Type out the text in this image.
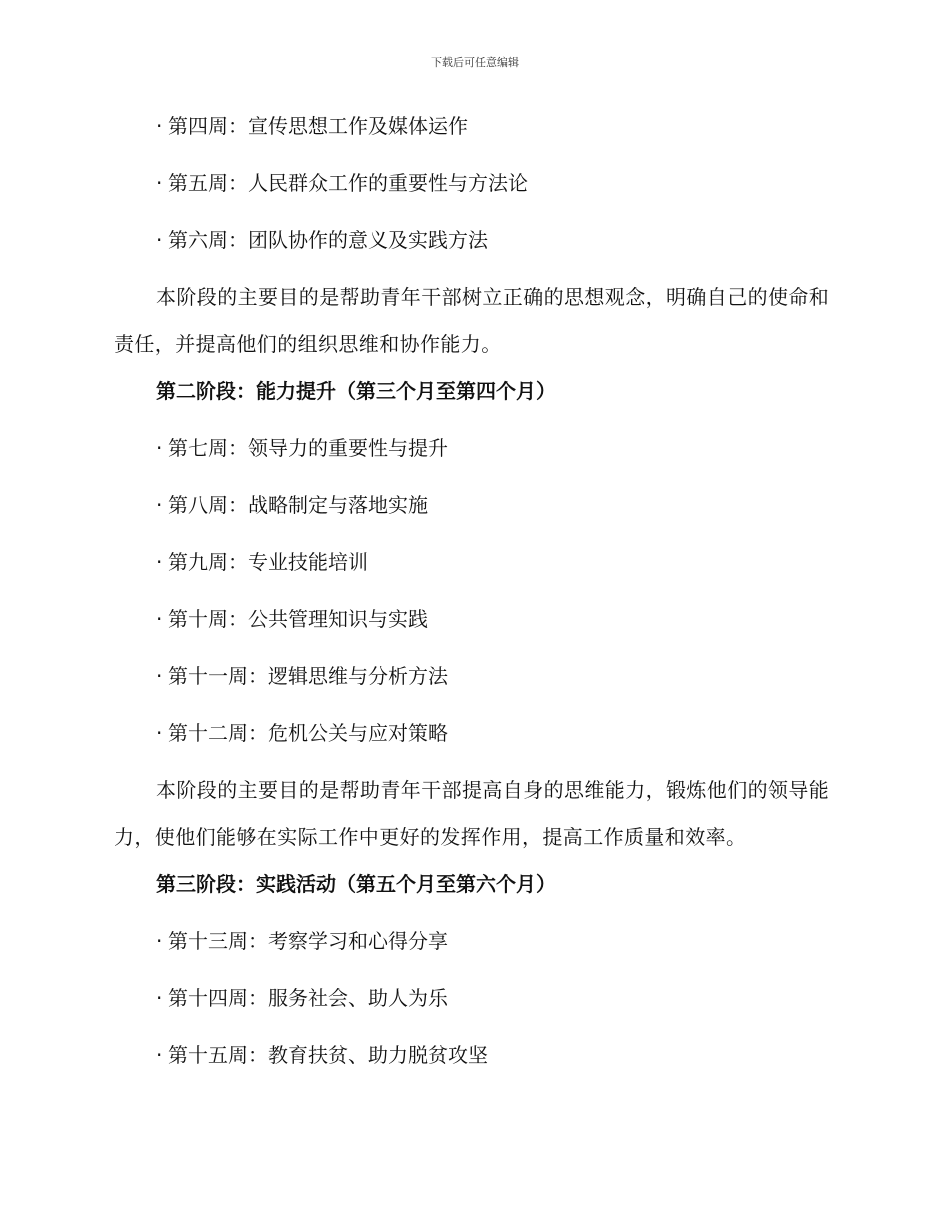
下载后可任意编辑
· 第四周：宣传思想工作及媒体运作
· 第五周：人民群众工作的重要性与方法论
· 第六周：团队协作的意义及实践方法
本阶段的主要目的是帮助青年干部树立正确的思想观念，明确自己的使命和责任，并提高他们的组织思维和协作能力。
第二阶段：能力提升（第三个月至第四个月）
· 第七周：领导力的重要性与提升
· 第八周：战略制定与落地实施
· 第九周：专业技能培训
· 第十周：公共管理知识与实践
· 第十一周：逻辑思维与分析方法
· 第十二周：危机公关与应对策略
本阶段的主要目的是帮助青年干部提高自身的思维能力，锻炼他们的领导能力，使他们能够在实际工作中更好的发挥作用，提高工作质量和效率。
第三阶段：实践活动（第五个月至第六个月）
· 第十三周：考察学习和心得分享
· 第十四周：服务社会、助人为乐
· 第十五周：教育扶贫、助力脱贫攻坚
